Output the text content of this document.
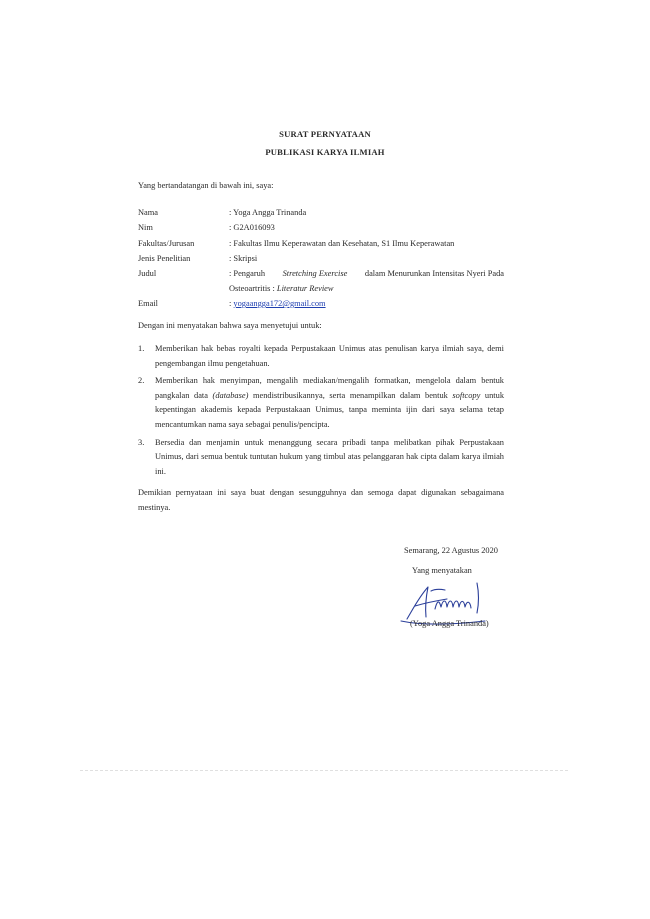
SURAT PERNYATAAN
PUBLIKASI KARYA ILMIAH
Yang bertandatangan di bawah ini, saya:
Nama	: Yoga Angga Trinanda
Nim	: G2A016093
Fakultas/Jurusan	: Fakultas Ilmu Keperawatan dan Kesehatan, S1 Ilmu Keperawatan
Jenis Penelitian	: Skripsi
Judul	: Pengaruh Stretching Exercise dalam Menurunkan Intensitas Nyeri Pada
Osteoartritis : Literatur Review
Email	: yogaangga172@gmail.com
Dengan ini menyatakan bahwa saya menyetujui untuk:
1. Memberikan hak bebas royalti kepada Perpustakaan Unimus atas penulisan karya ilmiah saya, demi pengembangan ilmu pengetahuan.
2. Memberikan hak menyimpan, mengalih mediakan/mengalih formatkan, mengelola dalam bentuk pangkalan data (database) mendistribusikannya, serta menampilkan dalam bentuk softcopy untuk kepentingan akademis kepada Perpustakaan Unimus, tanpa meminta ijin dari saya selama tetap mencantumkan nama saya sebagai penulis/pencipta.
3. Bersedia dan menjamin untuk menanggung secara pribadi tanpa melibatkan pihak Perpustakaan Unimus, dari semua bentuk tuntutan hukum yang timbul atas pelanggaran hak cipta dalam karya ilmiah ini.
Demikian pernyataan ini saya buat dengan sesungguhnya dan semoga dapat digunakan sebagaimana mestinya.
Semarang, 22 Agustus 2020
Yang menyatakan
(Yoga Angga Trinanda)
